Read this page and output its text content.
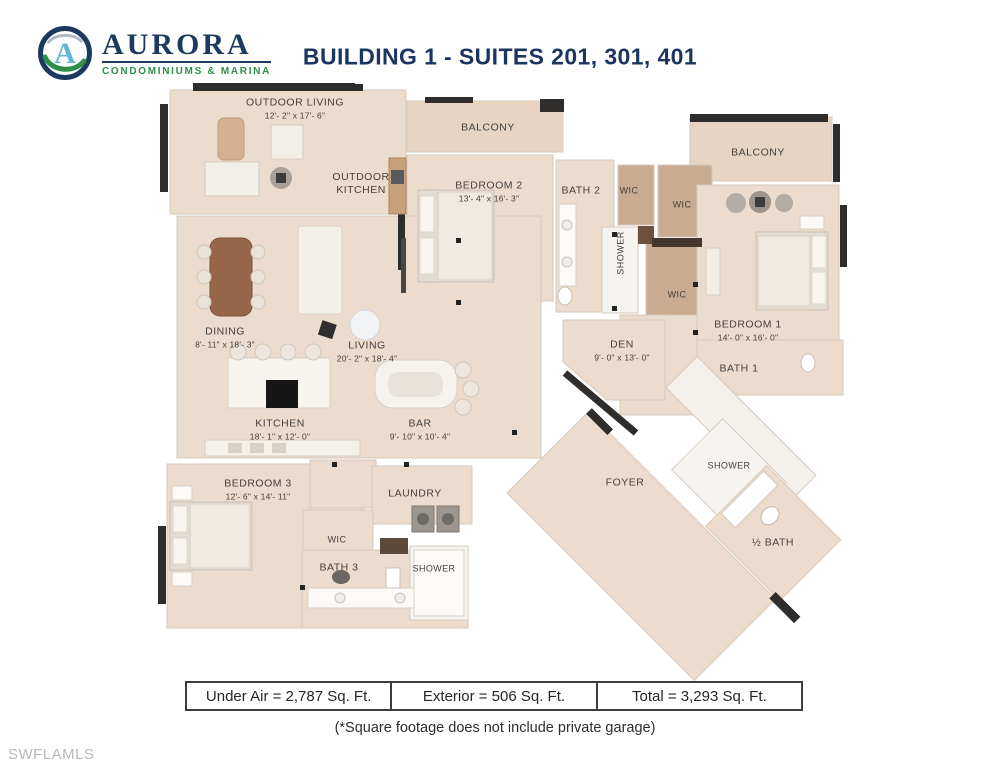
A AURORA
CONDOMINIUMS & MARINA
BUILDING 1 - SUITES 201, 301, 401
OUTDOOR LIVING
12'- 2" x 17'- 6"
OUTDOOR KITCHEN
BALCONY
BEDROOM 2
13'- 4" x 16'- 3"
BATH 2 WIC
WIC
SHOWER
BALCONY
WIC
BEDROOM 1
14'- 0" x 16'- 0"
BATH 1
DINING
8'- 11" x 18'- 3"	LIVING
20'- 2" x 18'- 4"
DEN
9'- 0" x 13'- 0"
KITCHEN
18'- 1" x 12'- 0"
BAR
9'- 10" x 10'- 4"
FOYER
SHOWER
½ BATH
BEDROOM 3
12'- 6" x 14'- 11"	LAUNDRY
WIC
BATH 3	SHOWER
Under Air = 2,787 Sq. Ft.	Exterior = 506 Sq. Ft.	Total = 3,293 Sq. Ft.
(*Square footage does not include private garage)
SWFLAMLS
